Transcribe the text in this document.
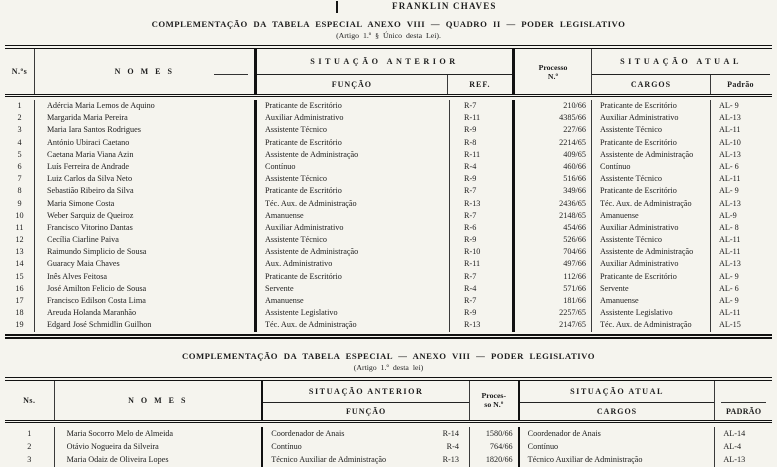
FRANKLIN CHAVES
COMPLEMENTAÇÃO DA TABELA ESPECIAL ANEXO VIII — QUADRO II — PODER LEGISLATIVO
(Artigo 1.º § Único desta Lei).
N.ºs	N O M E S
SITUAÇÃO ANTERIOR
FUNÇÃO	REF.
Processo
N.º
SITUAÇÃO ATUAL
CARGOS	Padrão
1	Adércia Maria Lemos de Aquino	Praticante de Escritório	R-7	210/66	Praticante de Escritório	AL- 9
2	Margarida Maria Pereira	Auxiliar Administrativo	R-11	4385/66	Auxiliar Administrativo	AL-13
3	Maria Iara Santos Rodrigues	Assistente Técnico	R-9	227/66	Assistente Técnico	AL-11
4	António Ubiraci Caetano	Praticante de Escritório	R-8	2214/65	Praticante de Escritório	AL-10
5	Caetana Maria Viana Azin	Assistente de Administração	R-11	409/65	Assistente de Administração	AL-13
6	Luís Ferreira de Andrade	Contínuo	R-4	460/66	Contínuo	AL- 6
7	Luiz Carlos da Silva Neto	Assistente Técnico	R-9	516/66	Assistente Técnico	AL-11
8	Sebastião Ribeiro da Silva	Praticante de Escritório	R-7	349/66	Praticante de Escritório	AL- 9
9	Maria Simone Costa	Téc. Aux. de Administração	R-13	2436/65	Téc. Aux. de Administração	AL-13
10	Weber Sarquiz de Queiroz	Amanuense	R-7	2148/65	Amanuense	AL-9
11	Francisco Vitorino Dantas	Auxiliar Administrativo	R-6	454/66	Auxiliar Administrativo	AL- 8
12	Cecília Ciarline Paiva	Assistente Técnico	R-9	526/66	Assistente Técnico	AL-11
13	Raimundo Simplicio de Sousa	Assistente de Administração	R-10	704/66	Assistente de Administração	AL-11
14	Guaracy Maia Chaves	Aux. Administrativo	R-11	497/66	Auxiliar Administrativo	AL-13
15	Inês Alves Feitosa	Praticante de Escritório	R-7	112/66	Praticante de Escritório	AL- 9
16	José Amilton Felicio de Sousa	Servente	R-4	571/66	Servente	AL- 6
17	Francisco Edilson Costa Lima	Amanuense	R-7	181/66	Amanuense	AL- 9
18	Areuda Holanda Maranhão	Assistente Legislativo	R-9	2257/65	Assistente Legislativo	AL-11
19	Edgard José Schmidlin Guilhon	Téc. Aux. de Administração	R-13	2147/65	Téc. Aux. de Administração	AL-15
COMPLEMENTAÇÃO DA TABELA ESPECIAL — ANEXO VIII — PODER LEGISLATIVO
(Artigo 1.º desta lei)
Ns.	N O M E S
SITUAÇÃO ANTERIOR
FUNÇÃO
Proces-
so N.º
SITUAÇÃO ATUAL
CARGOS	PADRÃO
1	Maria Socorro Melo de Almeida	Coordenador de Anais	R-14	1580/66	Coordenador de Anais	AL-14
2	Otávio Nogueira da Silveira	Contínuo	R-4	764/66	Contínuo	AL-4
3	Maria Odaiz de Oliveira Lopes	Técnico Auxiliar de Administração	R-13	1820/66	Técnico Auxiliar de Administração	AL-13
